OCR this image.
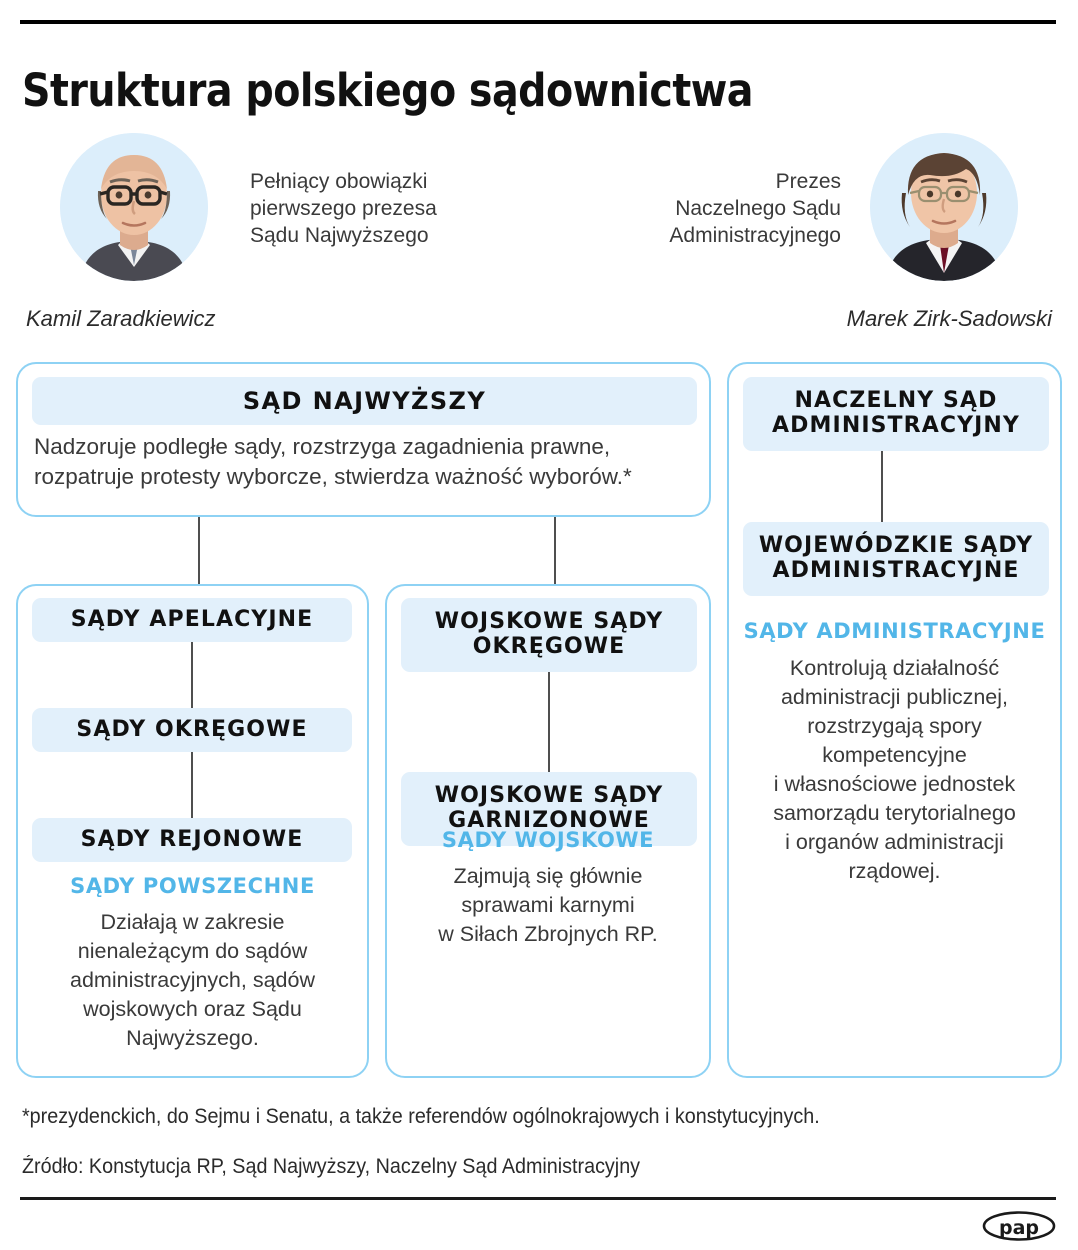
Struktura polskiego sądownictwa
Pełniący obowiązki
pierwszego prezesa
Sądu Najwyższego
Kamil Zaradkiewicz
Prezes
Naczelnego Sądu
Administracyjnego
Marek Zirk-Sadowski
SĄD NAJWYŻSZY
Nadzoruje podległe sądy, rozstrzyga zagadnienia prawne,
rozpatruje protesty wyborcze, stwierdza ważność wyborów.*
SĄDY APELACYJNE
SĄDY OKRĘGOWE
SĄDY REJONOWE
SĄDY POWSZECHNE
Działają w zakresie
nienależącym do sądów
administracyjnych, sądów
wojskowych oraz Sądu
Najwyższego.
WOJSKOWE SĄDY
OKRĘGOWE
WOJSKOWE SĄDY
GARNIZONOWE
SĄDY WOJSKOWE
Zajmują się głównie
sprawami karnymi
w Siłach Zbrojnych RP.
NACZELNY SĄD
ADMINISTRACYJNY
WOJEWÓDZKIE SĄDY
ADMINISTRACYJNE
SĄDY ADMINISTRACYJNE
Kontrolują działalność
administracji publicznej,
rozstrzygają spory
kompetencyjne
i własnościowe jednostek
samorządu terytorialnego
i organów administracji
rządowej.
*prezydenckich, do Sejmu i Senatu, a także referendów ogólnokrajowych i konstytucyjnych.
Źródło: Konstytucja RP, Sąd Najwyższy, Naczelny Sąd Administracyjny
pap
